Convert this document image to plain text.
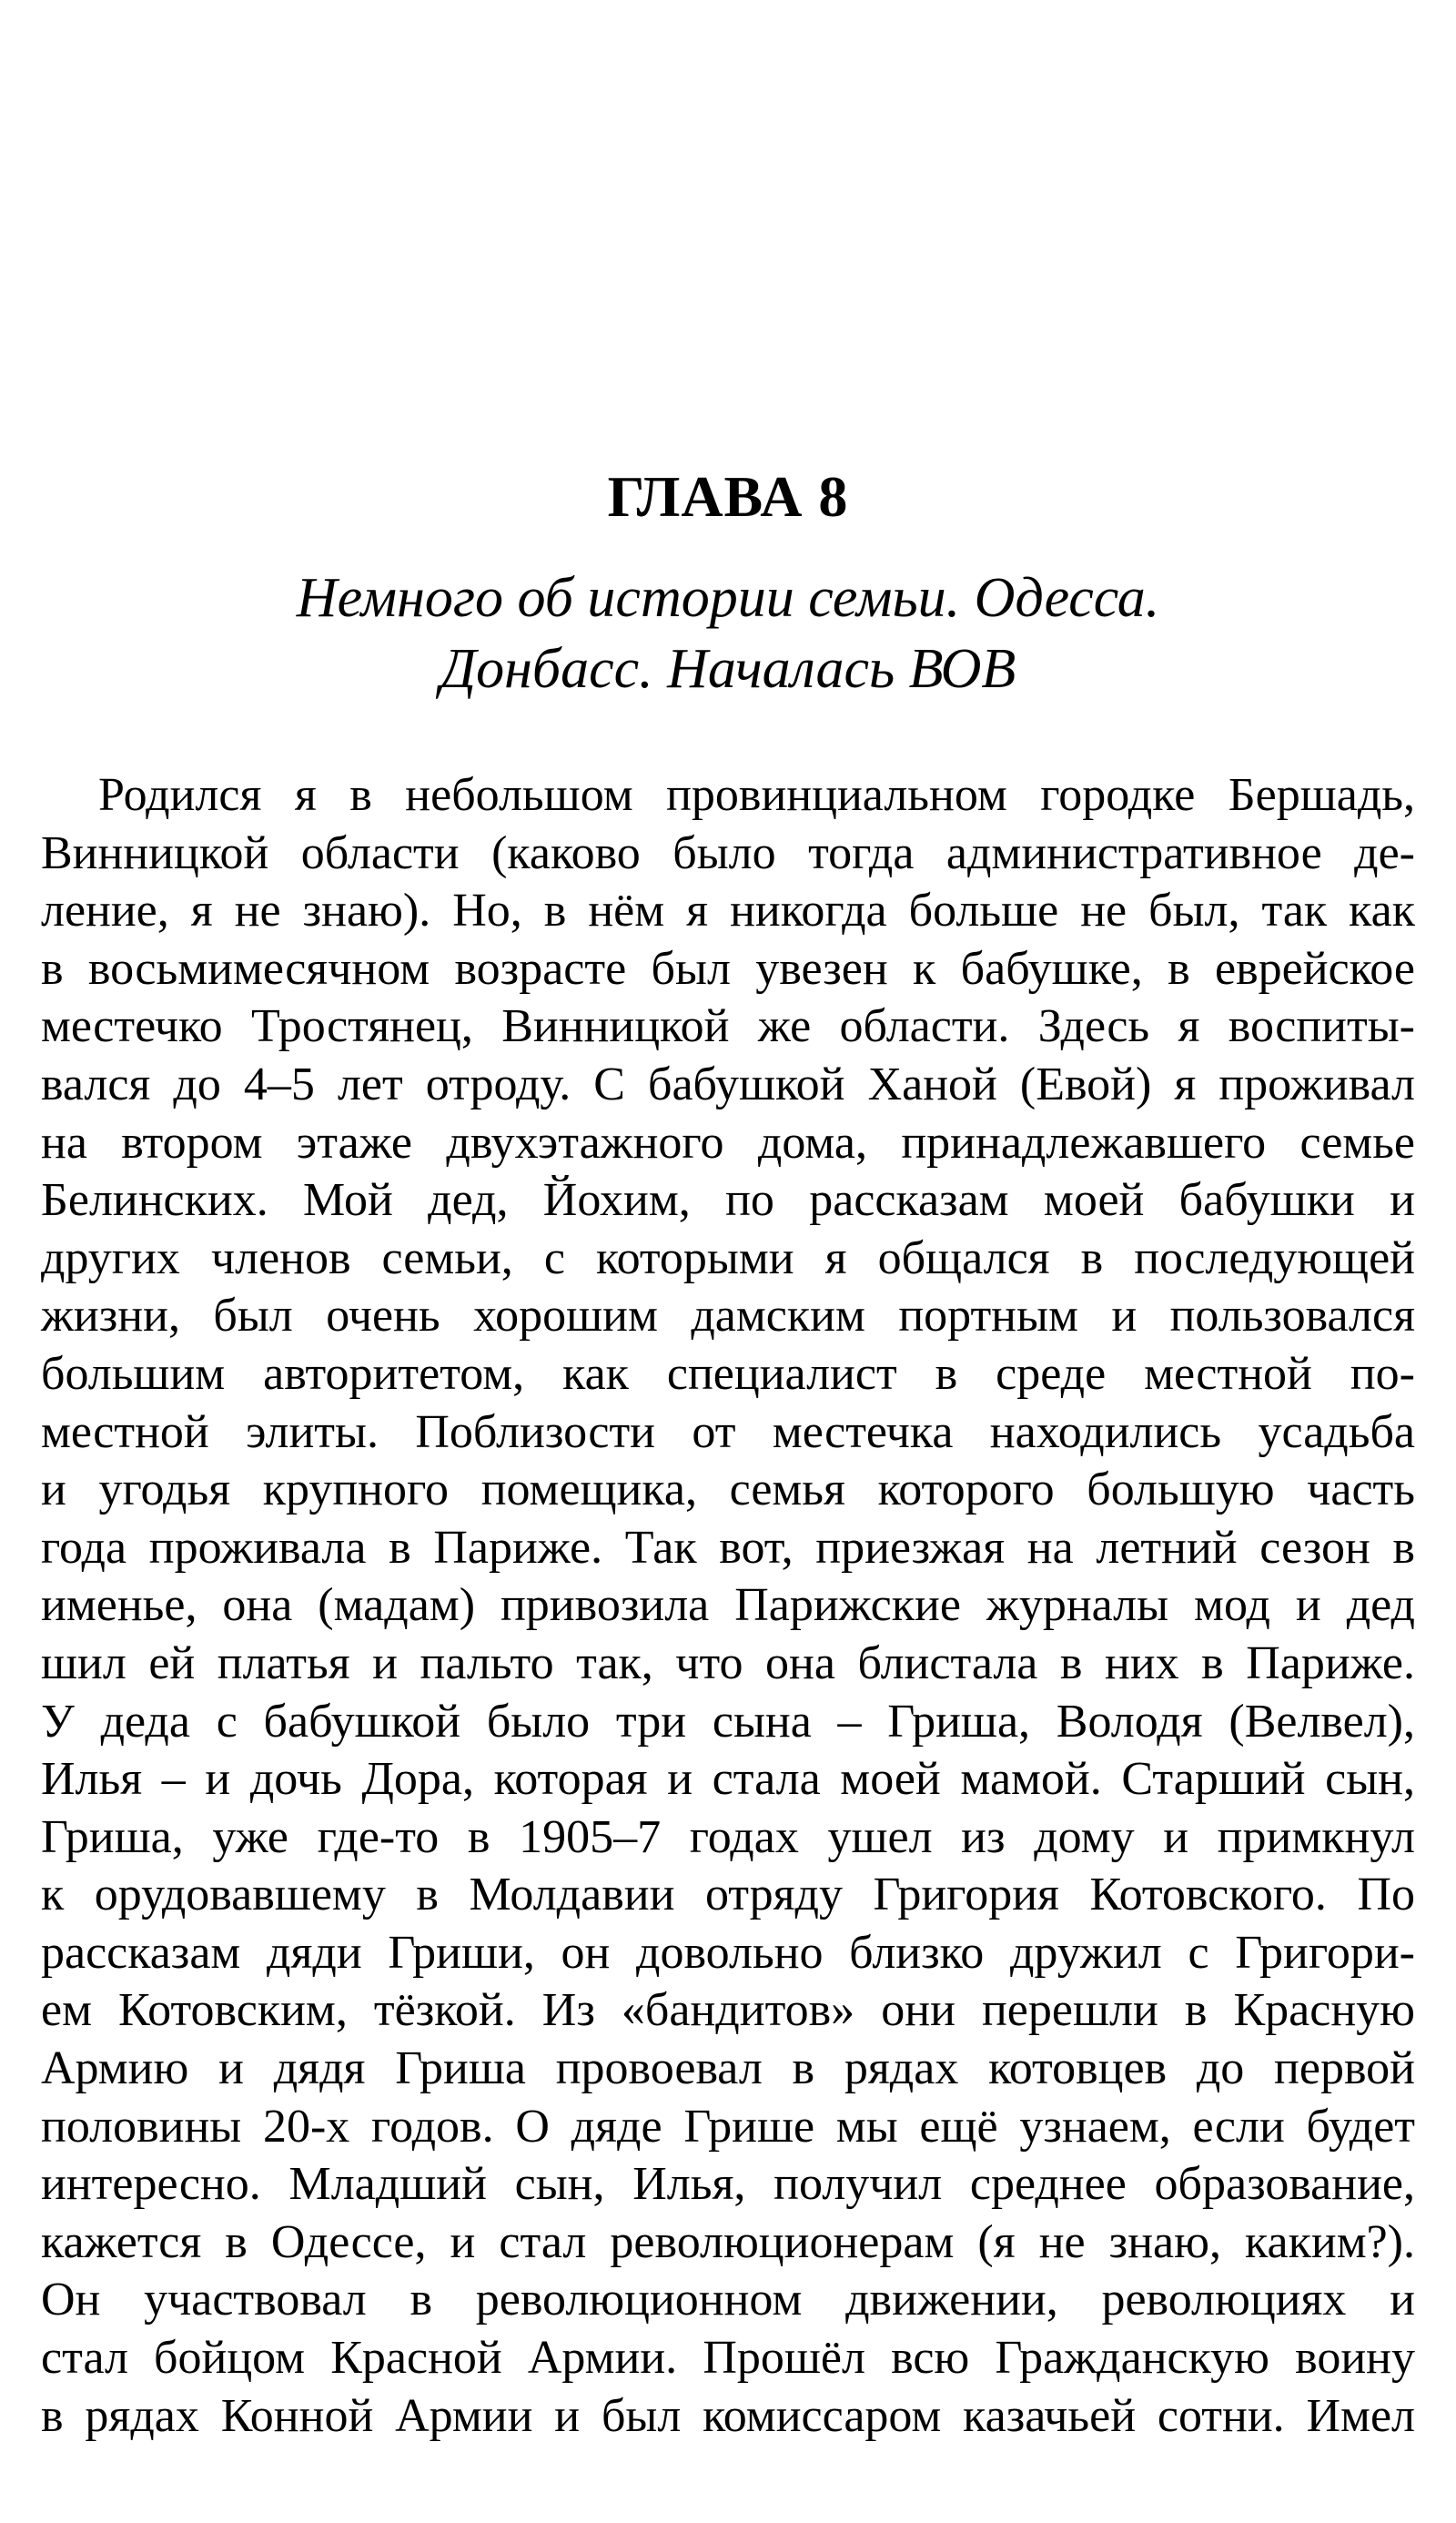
ГЛАВА 8
Немного об истории семьи. Одесса.
Донбасс. Началась ВОВ
Родился я в небольшом провинциальном городке Бершадь,
Винницкой области (каково было тогда административное де-
ление, я не знаю). Но, в нём я никогда больше не был, так как
в восьмимесячном возрасте был увезен к бабушке, в еврейское
местечко Тростянец, Винницкой же области. Здесь я воспиты-
вался до 4–5 лет отроду. С бабушкой Ханой (Евой) я проживал
на втором этаже двухэтажного дома, принадлежавшего семье
Белинских. Мой дед, Йохим, по рассказам моей бабушки и
других членов семьи, с которыми я общался в последующей
жизни, был очень хорошим дамским портным и пользовался
большим авторитетом, как специалист в среде местной по-
местной элиты. Поблизости от местечка находились усадьба
и угодья крупного помещика, семья которого большую часть
года проживала в Париже. Так вот, приезжая на летний сезон в
именье, она (мадам) привозила Парижские журналы мод и дед
шил ей платья и пальто так, что она блистала в них в Париже.
У деда с бабушкой было три сына – Гриша, Володя (Велвел),
Илья – и дочь Дора, которая и стала моей мамой. Старший сын,
Гриша, уже где-то в 1905–7 годах ушел из дому и примкнул
к орудовавшему в Молдавии отряду Григория Котовского. По
рассказам дяди Гриши, он довольно близко дружил с Григори-
ем Котовским, тёзкой. Из «бандитов» они перешли в Красную
Армию и дядя Гриша провоевал в рядах котовцев до первой
половины 20-х годов. О дяде Грише мы ещё узнаем, если будет
интересно. Младший сын, Илья, получил среднее образование,
кажется в Одессе, и стал революционерам (я не знаю, каким?).
Он участвовал в революционном движении, революциях и
стал бойцом Красной Армии. Прошёл всю Гражданскую воину
в рядах Конной Армии и был комиссаром казачьей сотни. Имел
